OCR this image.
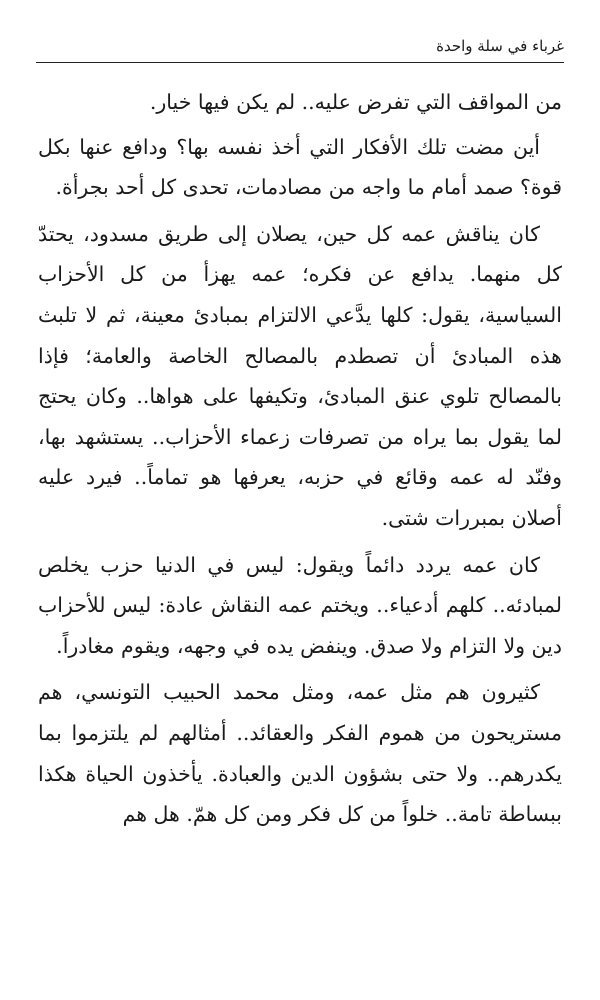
غرباء في سلة واحدة

من المواقف التي تفرض عليه.. لم يكن فيها خيار.

أين مضت تلك الأفكار التي أخذ نفسه بها؟ ودافع عنها بكل قوة؟ صمد أمام ما واجه من مصادمات، تحدى كل أحد بجرأة.

كان يناقش عمه كل حين، يصلان إلى طريق مسدود، يحتدّ كل منهما. يدافع عن فكره؛ عمه يهزأ من كل الأحزاب السياسية، يقول: كلها يدَّعي الالتزام بمبادئ معينة، ثم لا تلبث هذه المبادئ أن تصطدم بالمصالح الخاصة والعامة؛ فإذا بالمصالح تلوي عنق المبادئ، وتكيفها على هواها.. وكان يحتج لما يقول بما يراه من تصرفات زعماء الأحزاب.. يستشهد بها، وفنّد له عمه وقائع في حزبه، يعرفها هو تماماً.. فيرد عليه أصلان بمبررات شتى.

كان عمه يردد دائماً ويقول: ليس في الدنيا حزب يخلص لمبادئه.. كلهم أدعياء.. ويختم عمه النقاش عادة: ليس للأحزاب دين ولا التزام ولا صدق. وينفض يده في وجهه، ويقوم مغادراً.

كثيرون هم مثل عمه، ومثل محمد الحبيب التونسي، هم مستريحون من هموم الفكر والعقائد.. أمثالهم لم يلتزموا بما يكدرهم.. ولا حتى بشؤون الدين والعبادة. يأخذون الحياة هكذا ببساطة تامة.. خلواً من كل فكر ومن كل همّ. هل هم
